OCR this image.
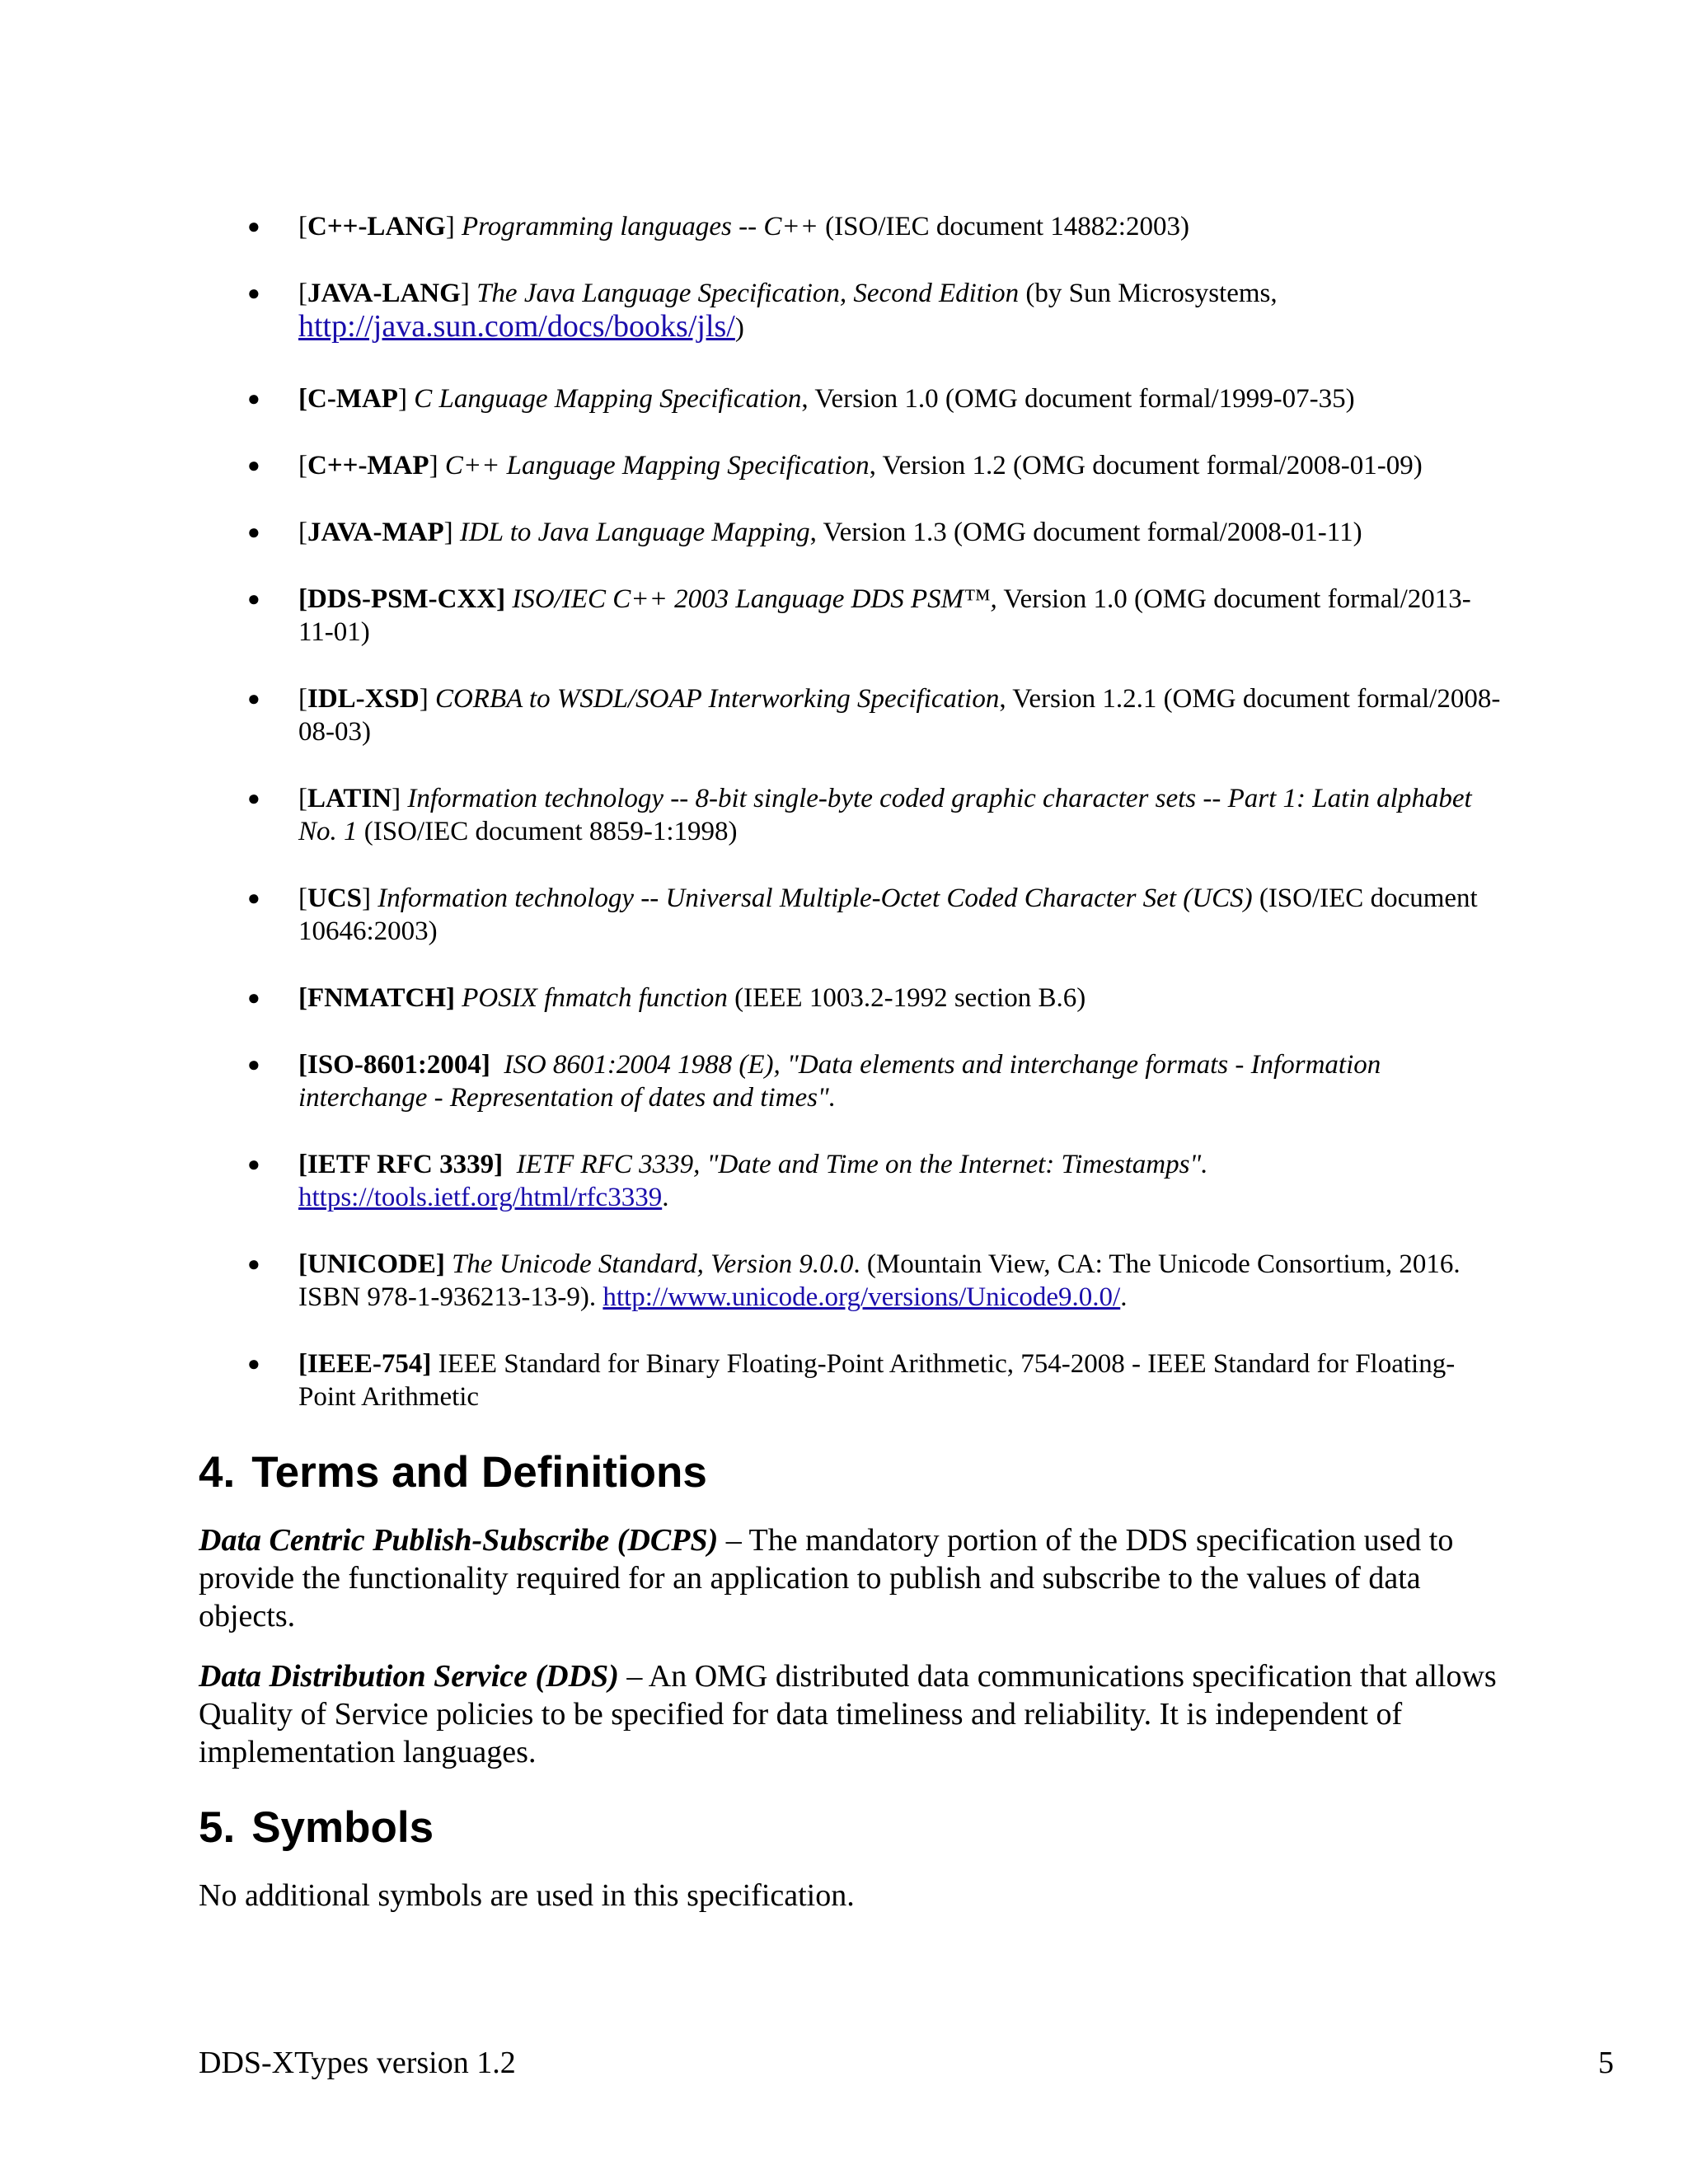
● [C++-LANG] Programming languages -- C++ (ISO/IEC document 14882:2003)
● [JAVA-LANG] The Java Language Specification, Second Edition (by Sun Microsystems,
http://java.sun.com/docs/books/jls/)
● [C-MAP] C Language Mapping Specification, Version 1.0 (OMG document formal/1999-07-35)
● [C++-MAP] C++ Language Mapping Specification, Version 1.2 (OMG document formal/2008-01-09)
● [JAVA-MAP] IDL to Java Language Mapping, Version 1.3 (OMG document formal/2008-01-11)
● [DDS-PSM-CXX] ISO/IEC C++ 2003 Language DDS PSM™, Version 1.0 (OMG document formal/2013-11-01)
● [IDL-XSD] CORBA to WSDL/SOAP Interworking Specification, Version 1.2.1 (OMG document formal/2008-08-03)
● [LATIN] Information technology -- 8-bit single-byte coded graphic character sets -- Part 1: Latin alphabet No. 1 (ISO/IEC document 8859-1:1998)
● [UCS] Information technology -- Universal Multiple-Octet Coded Character Set (UCS) (ISO/IEC document 10646:2003)
● [FNMATCH] POSIX fnmatch function (IEEE 1003.2-1992 section B.6)
● [ISO-8601:2004] ISO 8601:2004 1988 (E), "Data elements and interchange formats - Information interchange - Representation of dates and times".
● [IETF RFC 3339] IETF RFC 3339, "Date and Time on the Internet: Timestamps".
https://tools.ietf.org/html/rfc3339.
● [UNICODE] The Unicode Standard, Version 9.0.0. (Mountain View, CA: The Unicode Consortium, 2016. ISBN 978-1-936213-13-9). http://www.unicode.org/versions/Unicode9.0.0/.
● [IEEE-754] IEEE Standard for Binary Floating-Point Arithmetic, 754-2008 - IEEE Standard for Floating-Point Arithmetic
4. Terms and Definitions

Data Centric Publish-Subscribe (DCPS) – The mandatory portion of the DDS specification used to provide the functionality required for an application to publish and subscribe to the values of data objects.

Data Distribution Service (DDS) – An OMG distributed data communications specification that allows Quality of Service policies to be specified for data timeliness and reliability. It is independent of implementation languages.

5. Symbols

No additional symbols are used in this specification.

DDS-XTypes version 1.2	5
